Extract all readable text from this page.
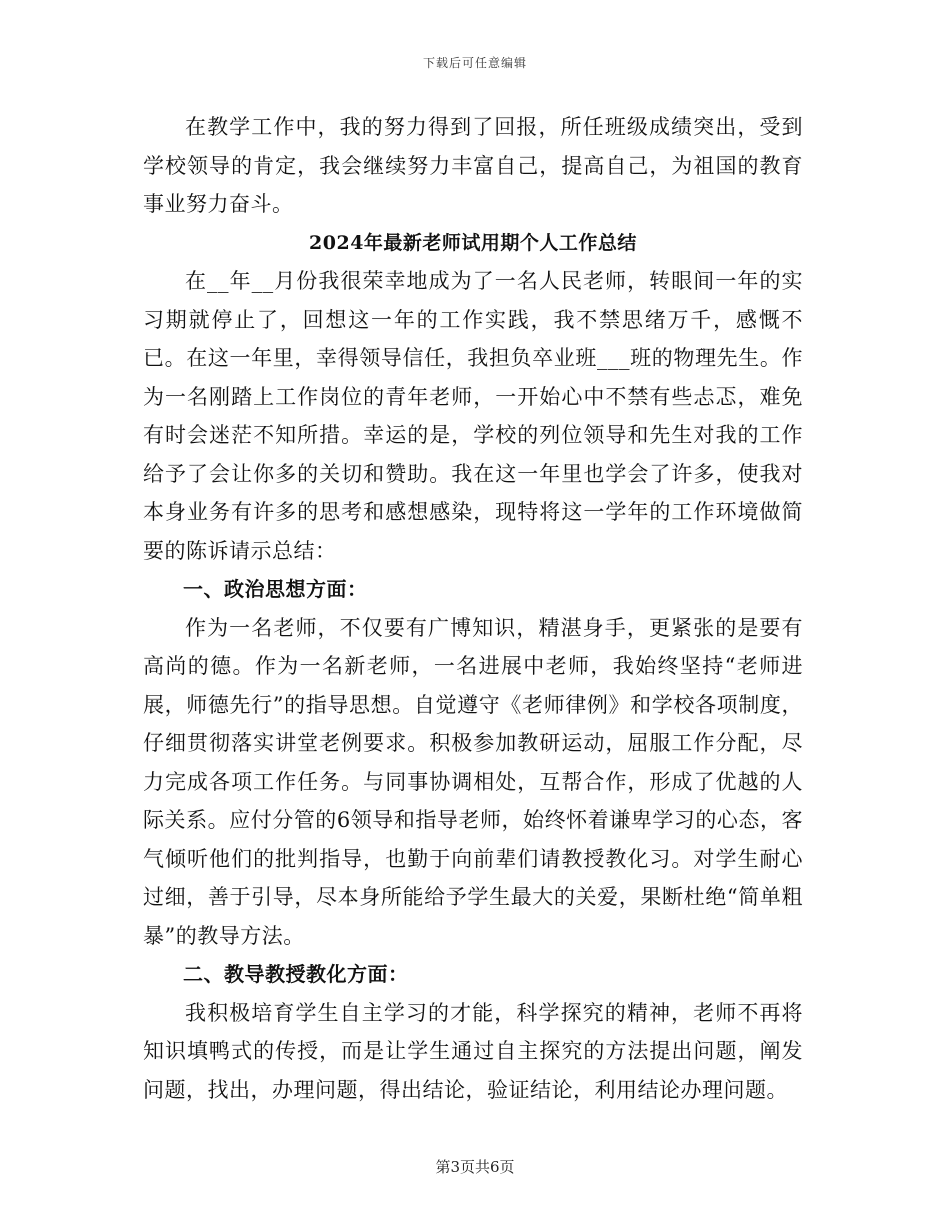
下载后可任意编辑

在教学工作中，我的努力得到了回报，所任班级成绩突出，受到学校领导的肯定，我会继续努力丰富自己，提高自己，为祖国的教育事业努力奋斗。

2024年最新老师试用期个人工作总结

在__年__月份我很荣幸地成为了一名人民老师，转眼间一年的实习期就停止了，回想这一年的工作实践，我不禁思绪万千，感慨不已。在这一年里，幸得领导信任，我担负卒业班___班的物理先生。作为一名刚踏上工作岗位的青年老师，一开始心中不禁有些忐忑，难免有时会迷茫不知所措。幸运的是，学校的列位领导和先生对我的工作给予了会让你多的关切和赞助。我在这一年里也学会了许多，使我对本身业务有许多的思考和感想感染，现特将这一学年的工作环境做简要的陈诉请示总结：

一、政治思想方面：

作为一名老师，不仅要有广博知识，精湛身手，更紧张的是要有高尚的德。作为一名新老师，一名进展中老师，我始终坚持“老师进展，师德先行”的指导思想。自觉遵守《老师律例》和学校各项制度，仔细贯彻落实讲堂老例要求。积极参加教研运动，屈服工作分配，尽力完成各项工作任务。与同事协调相处，互帮合作，形成了优越的人际关系。应付分管的6领导和指导老师，始终怀着谦卑学习的心态，客气倾听他们的批判指导，也勤于向前辈们请教授教化习。对学生耐心过细，善于引导，尽本身所能给予学生最大的关爱，果断杜绝“简单粗暴”的教导方法。

二、教导教授教化方面：

我积极培育学生自主学习的才能，科学探究的精神，老师不再将知识填鸭式的传授，而是让学生通过自主探究的方法提出问题，阐发问题，找出，办理问题，得出结论，验证结论，利用结论办理问题。

第3页共6页
